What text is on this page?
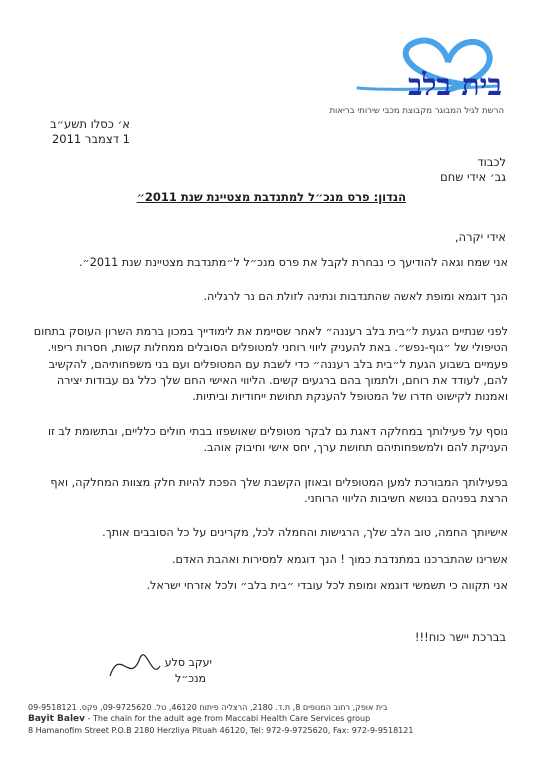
בית בלב
הרשת לגיל המבוגר מקבוצת מכבי שירותי בריאות
א׳ כסלו תשע״ב
1 דצמבר 2011
לכבוד
גב׳ אידי שחם
הנדון: פרס מנכ״ל למתנדבת מצטיינת שנת 2011״
אידי יקרה,

אני שמח וגאה להודיעך כי נבחרת לקבל את פרס מנכ״ל ל״מתנדבת מצטיינת שנת 2011״.

הנך דוגמא ומופת לאשה שהתנדבות ונתינה לזולת הם נר לרגליה.

לפני שנתיים הגעת ל״בית בלב רעננה״ לאחר שסיימת את לימודייך במכון ברמת השרון העוסק בתחום הטיפולי של ״גוף-נפש״. באת להעניק ליווי רוחני למטופלים הסובלים ממחלות קשות, חסרות ריפוי. פעמיים בשבוע הגעת ל״בית בלב רעננה״ כדי לשבת עם המטופלים ועם בני משפחותיהם, להקשיב להם, לעודד את רוחם, ולתמוך בהם ברגעים קשים. הליווי האישי החם שלך כלל גם עבודות יצירה ואמנות לקישוט חדרו של המטופל להענקת תחושת ייחודיות וביתיות.

נוסף על פעילותך במחלקה דאגת גם לבקר מטופלים שאושפזו בבתי חולים כלליים, ובתשומת לב זו העניקת להם ולמשפחותיהם תחושת ערך, יחס אישי וחיבוק אוהב.

בפעילותך המבורכת למען המטופלים ובאוזן הקשבת שלך הפכת להיות חלק מצוות המחלקה, ואף הרצת בפניהם בנושא חשיבות הליווי הרוחני.

אישיותך החמה, טוב הלב שלך, הרגישות והחמלה לכל, מקרינים על כל הסובבים אותך.

אשרינו שהתברכנו במתנדבת כמוך ! הנך דוגמא למסירות ואהבת האדם.

אני תקווה כי תשמשי דוגמא ומופת לכל עובדי ״בית בלב״ ולכל אזרחי ישראל.

בברכת יישר כוח!!!
יעקב סלע
מנכ״ל
בית אופק, רחוב המנופים 8, ת.ד. 2180, הרצליה פיתוח 46120, טל. 09-9725620, פקס. 09-9518121
Bayit Balev - The chain for the adult age from Maccabi Health Care Services group
8 Hamanofim Street P.O.B 2180 Herzliya Pituah 46120, Tel: 972-9-9725620, Fax: 972-9-9518121
